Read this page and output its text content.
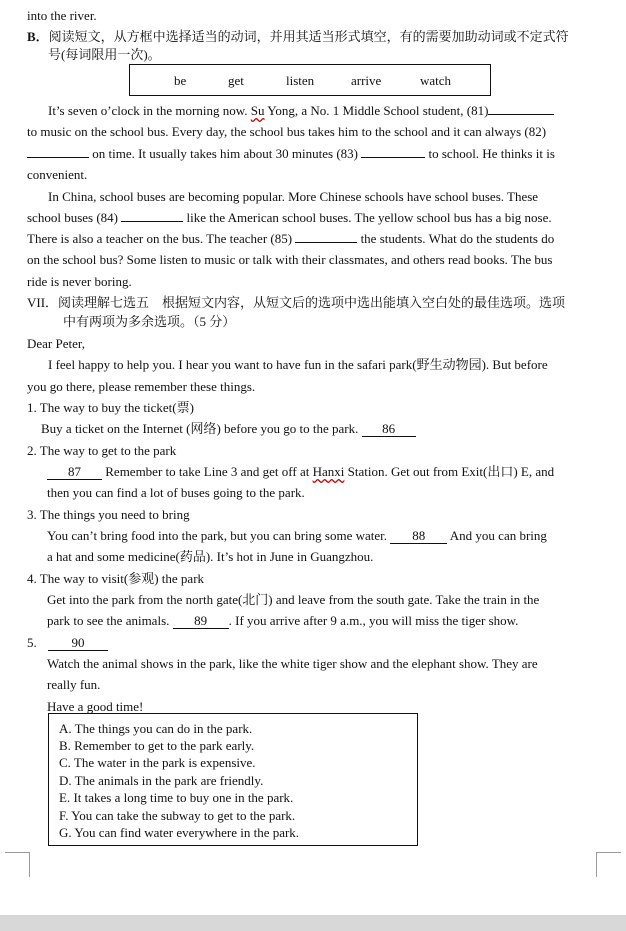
into the river.
B．阅读短文，从方框中选择适当的动词，并用其适当形式填空，有的需要加助动词或不定式符
号(每词限用一次)。
be	get	listen	arrive	watch
It’s seven o’clock in the morning now. Su Yong, a No. 1 Middle School student, (81)
to music on the school bus. Every day, the school bus takes him to the school and it can always (82)
on time. It usually takes him about 30 minutes (83)	to school. He thinks it is
convenient.
In China, school buses are becoming popular. More Chinese schools have school buses. These
school buses (84)	like the American school buses. The yellow school bus has a big nose.
There is also a teacher on the bus. The teacher (85)	the students. What do the students do
on the school bus? Some listen to music or talk with their classmates, and others read books. The bus
ride is never boring.
VII．阅读理解七选五　根据短文内容，从短文后的选项中选出能填入空白处的最佳选项。选项
中有两项为多余选项。（5 分）
Dear Peter,
I feel happy to help you. I hear you want to have fun in the safari park(野生动物园). But before
you go there, please remember these things.
1. The way to buy the ticket(票)
Buy a ticket on the Internet (网络) before you go to the park. 86
2. The way to get to the park
87 Remember to take Line 3 and get off at Hanxi Station. Get out from Exit(出口) E, and
then you can find a lot of buses going to the park.
3. The things you need to bring
You can’t bring food into the park, but you can bring some water. 88 And you can bring
a hat and some medicine(药品). It’s hot in June in Guangzhou.
4. The way to visit(参观) the park
Get into the park from the north gate(北门) and leave from the south gate. Take the train in the
park to see the animals. 89 . If you arrive after 9 a.m., you will miss the tiger show.
5. 90
Watch the animal shows in the park, like the white tiger show and the elephant show. They are
really fun.
Have a good time!
A. The things you can do in the park.
B. Remember to get to the park early.
C. The water in the park is expensive.
D. The animals in the park are friendly.
E. It takes a long time to buy one in the park.
F. You can take the subway to get to the park.
G. You can find water everywhere in the park.
